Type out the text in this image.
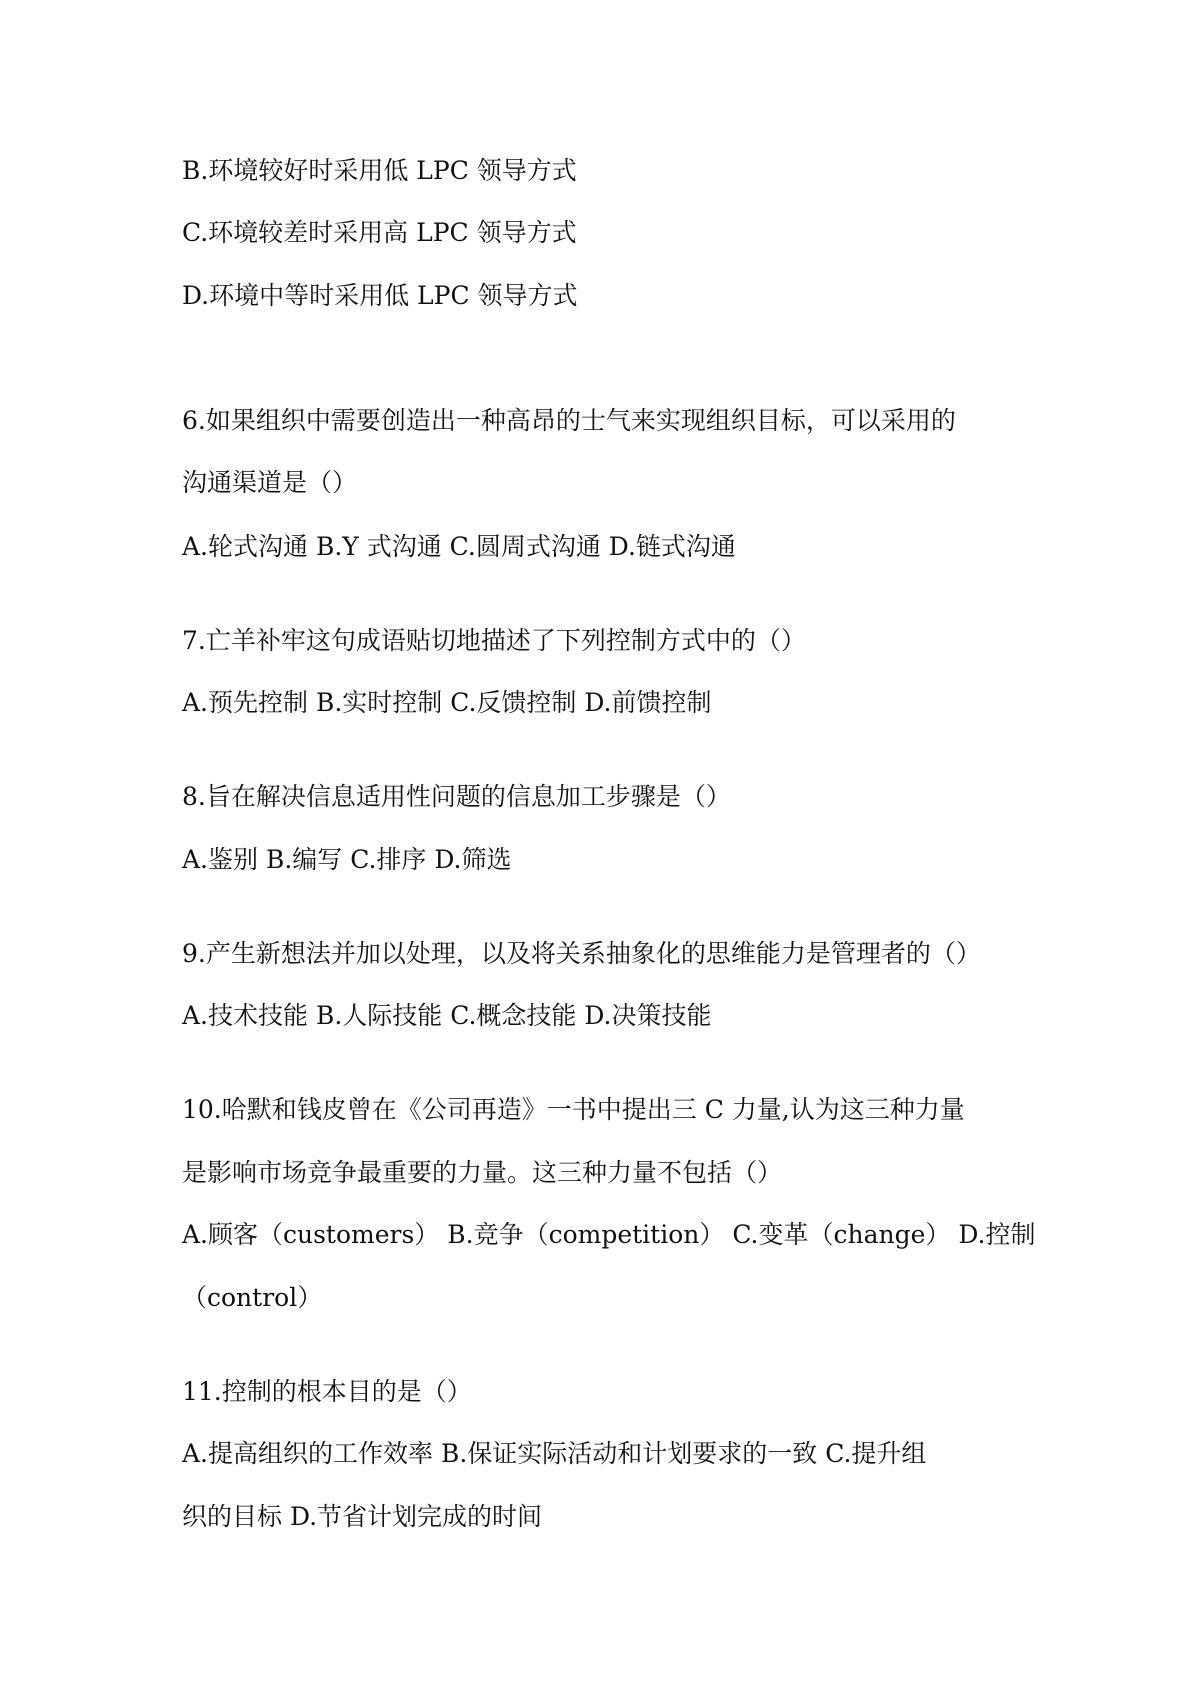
B.环境较好时采用低 LPC 领导方式

C.环境较差时采用高 LPC 领导方式

D.环境中等时采用低 LPC 领导方式

6.如果组织中需要创造出一种高昂的士气来实现组织目标，可以采用的

沟通渠道是（）

A.轮式沟通 B.Y 式沟通 C.圆周式沟通 D.链式沟通

7.亡羊补牢这句成语贴切地描述了下列控制方式中的（）

A.预先控制 B.实时控制 C.反馈控制 D.前馈控制

8.旨在解决信息适用性问题的信息加工步骤是（）

A.鉴别 B.编写 C.排序 D.筛选

9.产生新想法并加以处理，以及将关系抽象化的思维能力是管理者的（）

A.技术技能 B.人际技能 C.概念技能 D.决策技能

10.哈默和钱皮曾在《公司再造》一书中提出三 C 力量,认为这三种力量

是影响市场竞争最重要的力量。这三种力量不包括（）

A.顾客（customers） B.竞争（competition） C.变革（change） D.控制

（control）

11.控制的根本目的是（）

A.提高组织的工作效率 B.保证实际活动和计划要求的一致 C.提升组

织的目标 D.节省计划完成的时间
